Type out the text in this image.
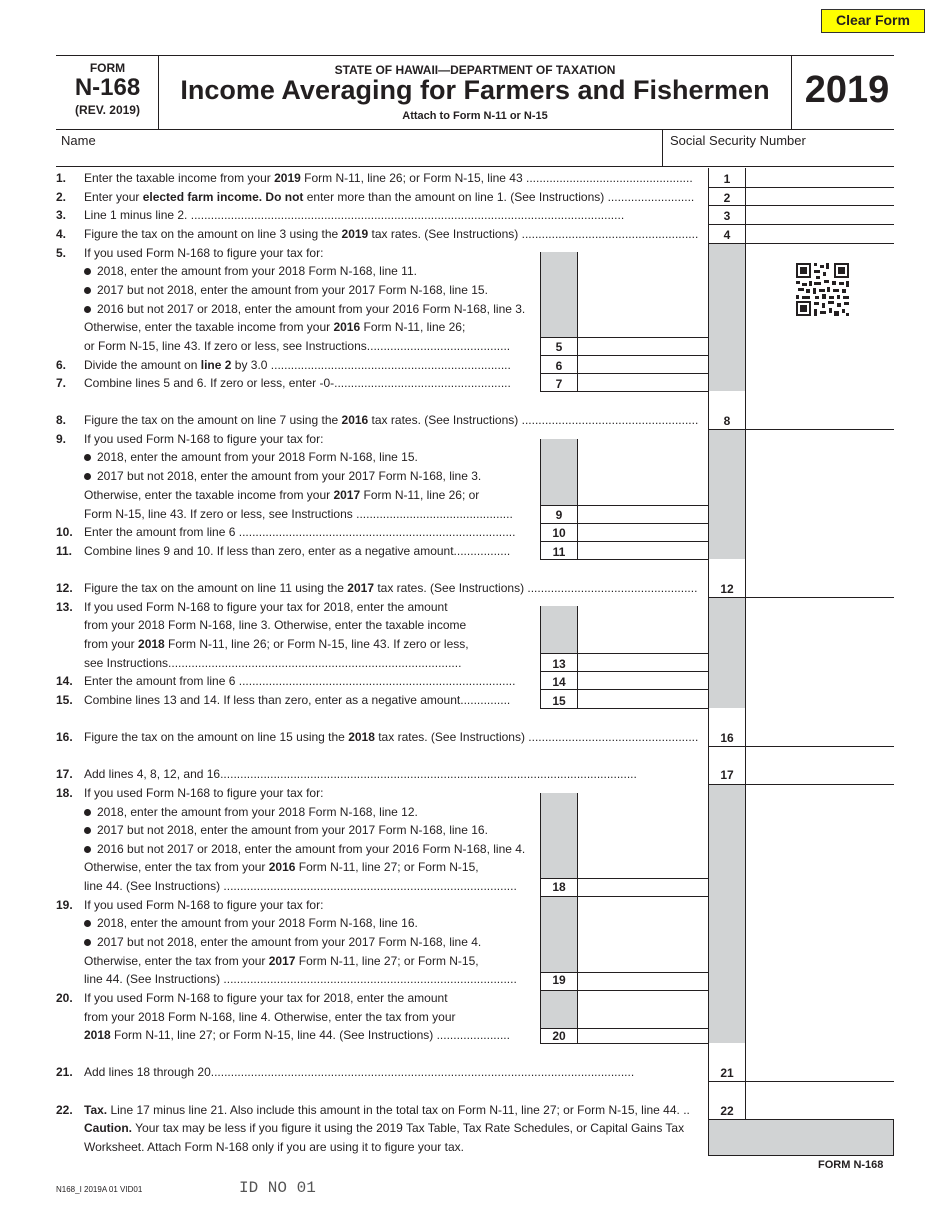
Clear Form
FORM
N-168
(REV. 2019)
STATE OF HAWAII—DEPARTMENT OF TAXATION
Income Averaging for Farmers and Fishermen
Attach to Form N-11 or N-15
2019
Name	Social Security Number
1. Enter the taxable income from your 2019 Form N-11, line 26; or Form N-15, line 43 ..................................................	1
2. Enter your elected farm income. Do not enter more than the amount on line 1. (See Instructions) ..........................	2
3. Line 1 minus line 2. ..................................................................................................................................	3
4. Figure the tax on the amount on line 3 using the 2019 tax rates. (See Instructions) .....................................................	4
5. If you used Form N-168 to figure your tax for:
2018, enter the amount from your 2018 Form N-168, line 11.
2017 but not 2018, enter the amount from your 2017 Form N-168, line 15.
2016 but not 2017 or 2018, enter the amount from your 2016 Form N-168, line 3.
Otherwise, enter the taxable income from your 2016 Form N-11, line 26;
or Form N-15, line 43. If zero or less, see Instructions...........................................	5
6. Divide the amount on line 2 by 3.0 ........................................................................	6
7. Combine lines 5 and 6. If zero or less, enter -0-.....................................................	7
8. Figure the tax on the amount on line 7 using the 2016 tax rates. (See Instructions) .....................................................	8
9. If you used Form N-168 to figure your tax for:
2018, enter the amount from your 2018 Form N-168, line 15.
2017 but not 2018, enter the amount from your 2017 Form N-168, line 3.
Otherwise, enter the taxable income from your 2017 Form N-11, line 26; or
Form N-15, line 43. If zero or less, see Instructions ...............................................	9
10. Enter the amount from line 6 ...................................................................................	10
11. Combine lines 9 and 10. If less than zero, enter as a negative amount.................	11
12. Figure the tax on the amount on line 11 using the 2017 tax rates. (See Instructions) ...................................................	12
13. If you used Form N-168 to figure your tax for 2018, enter the amount
from your 2018 Form N-168, line 3. Otherwise, enter the taxable income
from your 2018 Form N-11, line 26; or Form N-15, line 43. If zero or less,
see Instructions........................................................................................	13
14. Enter the amount from line 6 ...................................................................................	14
15. Combine lines 13 and 14. If less than zero, enter as a negative amount...............	15
16. Figure the tax on the amount on line 15 using the 2018 tax rates. (See Instructions) ...................................................	16
17. Add lines 4, 8, 12, and 16.............................................................................................................................	17
18. If you used Form N-168 to figure your tax for:
2018, enter the amount from your 2018 Form N-168, line 12.
2017 but not 2018, enter the amount from your 2017 Form N-168, line 16.
2016 but not 2017 or 2018, enter the amount from your 2016 Form N-168, line 4.
Otherwise, enter the tax from your 2016 Form N-11, line 27; or Form N-15,
line 44. (See Instructions) ........................................................................................	18
19. If you used Form N-168 to figure your tax for:
2018, enter the amount from your 2018 Form N-168, line 16.
2017 but not 2018, enter the amount from your 2017 Form N-168, line 4.
Otherwise, enter the tax from your 2017 Form N-11, line 27; or Form N-15,
line 44. (See Instructions) ........................................................................................	19
20. If you used Form N-168 to figure your tax for 2018, enter the amount
from your 2018 Form N-168, line 4. Otherwise, enter the tax from your
2018 Form N-11, line 27; or Form N-15, line 44. (See Instructions) ......................	20
21. Add lines 18 through 20...............................................................................................................................	21
22. Tax. Line 17 minus line 21. Also include this amount in the total tax on Form N-11, line 27; or Form N-15, line 44. ..	22
Caution. Your tax may be less if you figure it using the 2019 Tax Table, Tax Rate Schedules, or Capital Gains Tax
Worksheet. Attach Form N-168 only if you are using it to figure your tax.
FORM N-168
N168_I 2019A 01 VID01	ID NO 01
